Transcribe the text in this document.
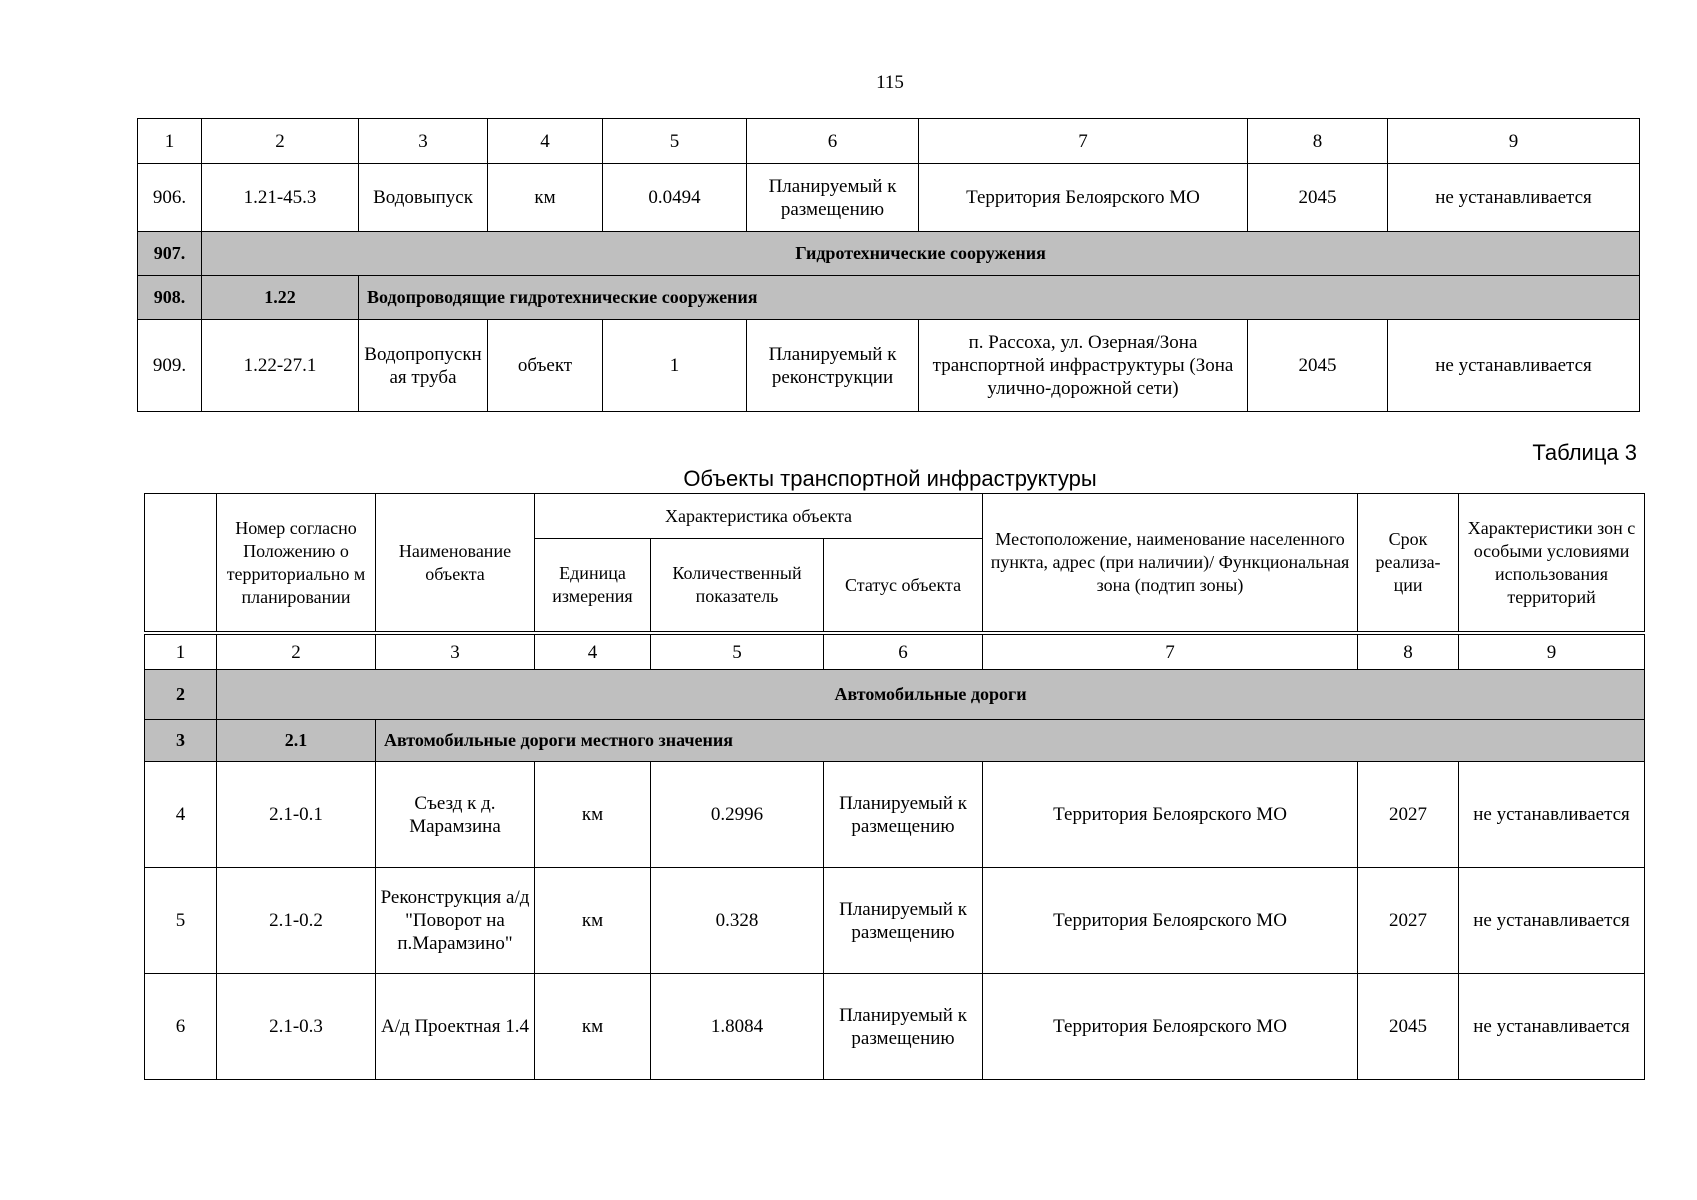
115
1	2	3	4	5	6	7	8	9
906.	1.21-45.3	Водовыпуск	км	0.0494	Планируемый к размещению	Территория Белоярского МО	2045	не устанавливается
907.	Гидротехнические сооружения							
908.	1.22	Водопроводящие гидротехнические сооружения						
909.	1.22-27.1	Водопропускная труба	объект	1	Планируемый к реконструкции	п. Рассоха, ул. Озерная/Зона транспортной инфраструктуры (Зона улично-дорожной сети)	2045	не устанавливается
Таблица 3
Объекты транспортной инфраструктуры
	Номер согласно Положению о территориально м планировании	Наименование объекта	Характеристика объекта			Местоположение, наименование населенного пункта, адрес (при наличии)/ Функциональная зона (подтип зоны)	Срок реализа-ции	Характеристики зон с особыми условиями использования территорий
			Единица измерения	Количественный показатель	Статус объекта			
1	2	3	4	5	6	7	8	9
2	Автомобильные дороги							
3	2.1	Автомобильные дороги местного значения						
4	2.1-0.1	Съезд к д. Марамзина	км	0.2996	Планируемый к размещению	Территория Белоярского МО	2027	не устанавливается
5	2.1-0.2	Реконструкция а/д "Поворот на п.Марамзино"	км	0.328	Планируемый к размещению	Территория Белоярского МО	2027	не устанавливается
6	2.1-0.3	А/д Проектная 1.4	км	1.8084	Планируемый к размещению	Территория Белоярского МО	2045	не устанавливается
